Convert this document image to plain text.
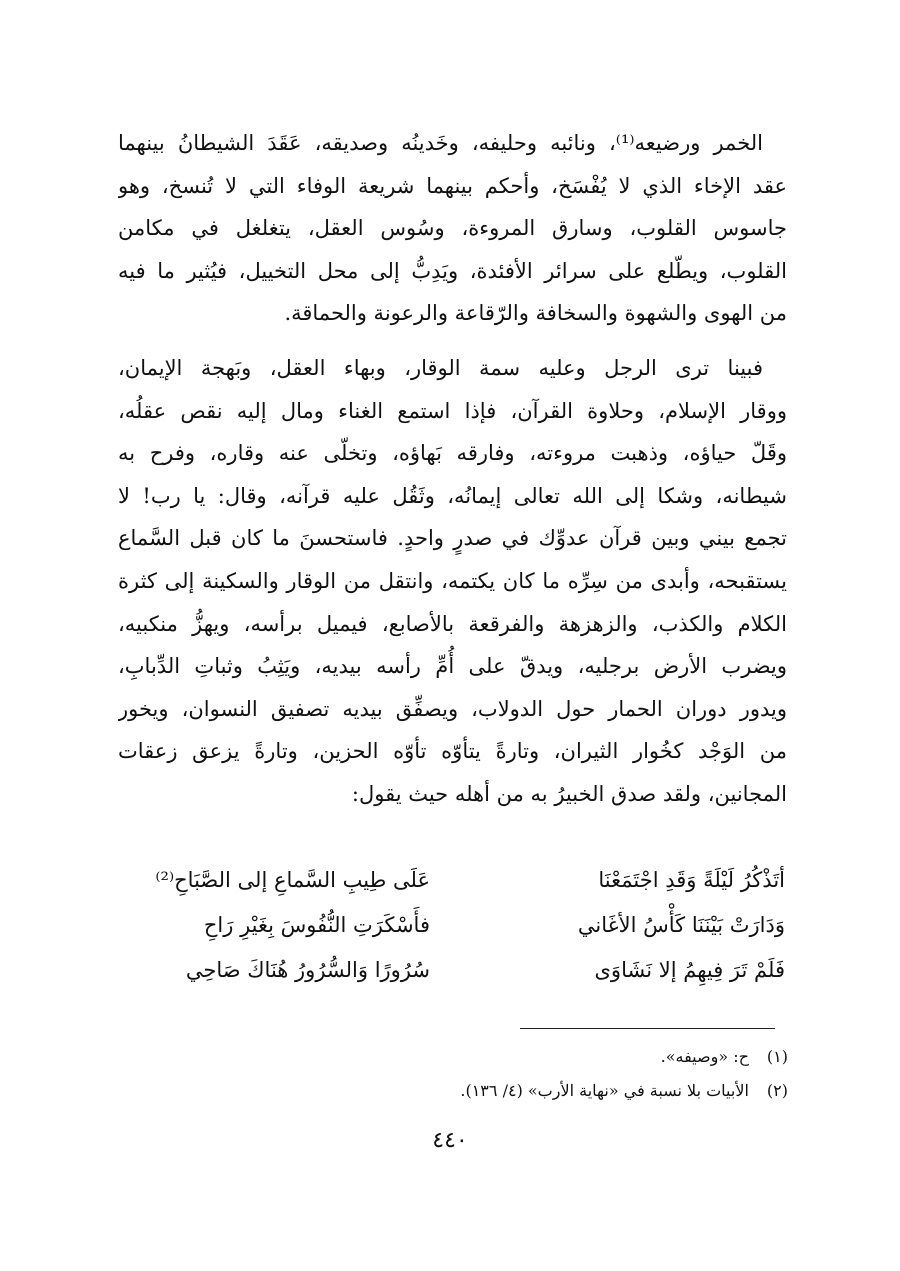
الخمر ورضيعه⁽¹⁾، ونائبه وحليفه، وخَدينُه وصديقه، عَقَدَ الشيطانُ بينهما
عقد الإخاء الذي لا يُفْسَخ، وأحكم بينهما شريعة الوفاء التي لا تُنسخ، وهو
جاسوس القلوب، وسارق المروءة، وسُوس العقل، يتغلغل في مكامن
القلوب، ويطّلع على سرائر الأفئدة، ويَدِبُّ إلى محل التخييل، فيُثير ما فيه
من الهوى والشهوة والسخافة والرّقاعة والرعونة والحماقة.
فبينا ترى الرجل وعليه سمة الوقار، وبهاء العقل، وبَهجة الإيمان،
ووقار الإسلام، وحلاوة القرآن، فإذا استمع الغناء ومال إليه نقص عقلُه،
وقَلّ حياؤه، وذهبت مروءته، وفارقه بَهاؤه، وتخلّى عنه وقاره، وفرح به
شيطانه، وشكا إلى الله تعالى إيمانُه، وثَقُل عليه قرآنه، وقال: يا رب! لا
تجمع بيني وبين قرآن عدوِّك في صدرٍ واحدٍ. فاستحسنَ ما كان قبل السَّماع
يستقبحه، وأبدى من سِرِّه ما كان يكتمه، وانتقل من الوقار والسكينة إلى كثرة
الكلام والكذب، والزهزهة والفرقعة بالأصابع، فيميل برأسه، ويهزُّ منكبيه،
ويضرب الأرض برجليه، ويدقّ على أُمِّ رأسه بيديه، ويَثِبُ وثباتِ الدِّبابِ،
ويدور دوران الحمار حول الدولاب، ويصفِّق بيديه تصفيق النسوان، ويخور
من الوَجْد كخُوار الثيران، وتارةً يتأوّه تأوّه الحزين، وتارةً يزعق زعقات
المجانين، ولقد صدق الخبيرُ به من أهله حيث يقول:
أتَذْكُرُ لَيْلَةً وَقَدِ اجْتَمَعْنَا
عَلَى طِيبِ السَّماعِ إلى الصَّبَاحِ⁽²⁾
وَدَارَتْ بَيْنَنَا كَأْسُ الأغَاني
فأَسْكَرَتِ النُّفُوسَ بِغَيْرِ رَاحِ
فَلَمْ تَرَ فِيهِمُ إلا نَشَاوَى
سُرُورًا وَالسُّرُورُ هُنَاكَ صَاحِي
(١) ح: «وصيفه».
(٢) الأبيات بلا نسبة في «نهاية الأرب» (٤/ ١٣٦).
٤٤٠
